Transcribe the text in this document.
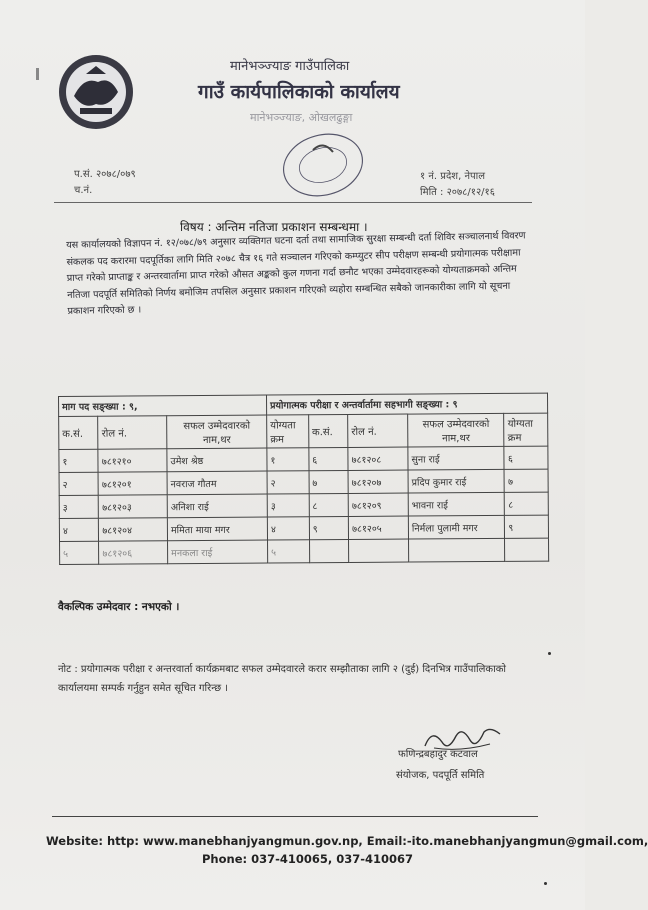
मानेभञ्ज्याङ गाउँपालिका
गाउँ कार्यपालिकाको कार्यालय
मानेभञ्ज्याङ, ओखलढुङ्गा
प.सं. २०७८/०७९
च.नं.
१ नं. प्रदेश, नेपाल
मिति : २०७८/१२/१६
विषय : अन्तिम नतिजा प्रकाशन सम्बन्धमा ।
यस कार्यालयको विज्ञापन नं. १२/०७८/७९ अनुसार व्यक्तिगत घटना दर्ता तथा सामाजिक सुरक्षा सम्बन्धी दर्ता शिविर सञ्चालनार्थ विवरण संकलक पद करारमा पदपूर्तिका लागि मिति २०७८ चैत्र १६ गते सञ्चालन गरिएको कम्प्युटर सीप परीक्षण सम्बन्धी प्रयोगात्मक परीक्षामा प्राप्त गरेको प्राप्ताङ्क र अन्तरवार्तामा प्राप्त गरेको औसत अङ्कको कुल गणना गर्दा छनौट भएका उम्मेदवारहरूको योग्यताक्रमको अन्तिम नतिजा पदपूर्ति समितिको निर्णय बमोजिम तपसिल अनुसार प्रकाशन गरिएको व्यहोरा सम्बन्धित सबैको जानकारीका लागि यो सूचना प्रकाशन गरिएको छ ।
माग पद सङ्ख्या : ९,			प्रयोगात्मक परीक्षा र अन्तर्वार्तामा सहभागी सङ्ख्या : ९				
क.सं.	रोल नं.	सफल उम्मेदवारको नाम,थर	योग्यता क्रम	क.सं.	रोल नं.	सफल उम्मेदवारको नाम,थर	योग्यता क्रम
१	७८१२१०	उमेश श्रेष्ठ	१	६	७८१२०८	सुना राई	६
२	७८१२०१	नवराज गौतम	२	७	७८१२०७	प्रदिप कुमार राई	७
३	७८१२०३	अनिशा राई	३	८	७८१२०९	भावना राई	८
४	७८१२०४	ममिता माया मगर	४	९	७८१२०५	निर्मला पुलामी मगर	९
५	७८१२०६	मनकला राई	५				
वैकल्पिक उम्मेदवार : नभएको ।
नोट : प्रयोगात्मक परीक्षा र अन्तरवार्ता कार्यक्रमबाट सफल उम्मेदवारले करार सम्झौताका लागि २ (दुई) दिनभित्र गाउँपालिकाको कार्यालयमा सम्पर्क गर्नुहुन समेत सूचित गरिन्छ ।
फणिन्द्रबहादुर कटवाल
संयोजक, पदपूर्ति समिति
Website: http: www.manebhanjyangmun.gov.np, Email:-ito.manebhanjyangmun@gmail.com,
Phone: 037-410065, 037-410067
